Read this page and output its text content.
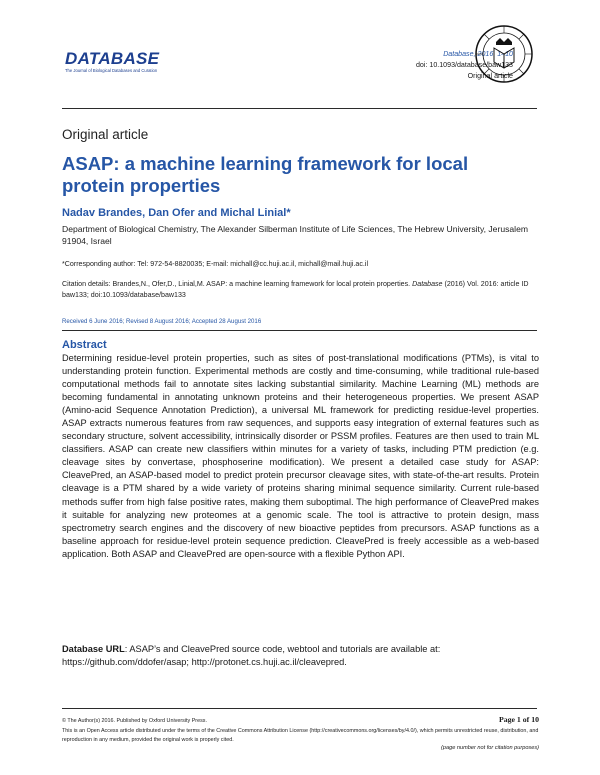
DATABASE
The Journal of Biological Databases and Curation
Database, 2016, 1–10
doi: 10.1093/database/baw133
Original article
Original article
ASAP: a machine learning framework for local protein properties
Nadav Brandes, Dan Ofer and Michal Linial*
Department of Biological Chemistry, The Alexander Silberman Institute of Life Sciences, The Hebrew University, Jerusalem 91904, Israel
*Corresponding author: Tel: 972-54-8820035; E-mail: michall@cc.huji.ac.il, michall@mail.huji.ac.il
Citation details: Brandes,N., Ofer,D., Linial,M. ASAP: a machine learning framework for local protein properties. Database (2016) Vol. 2016: article ID baw133; doi:10.1093/database/baw133
Received 6 June 2016; Revised 8 August 2016; Accepted 28 August 2016
Abstract
Determining residue-level protein properties, such as sites of post-translational modifications (PTMs), is vital to understanding protein function. Experimental methods are costly and time-consuming, while traditional rule-based computational methods fail to annotate sites lacking substantial similarity. Machine Learning (ML) methods are becoming fundamental in annotating unknown proteins and their heterogeneous properties. We present ASAP (Amino-acid Sequence Annotation Prediction), a universal ML framework for predicting residue-level properties. ASAP extracts numerous features from raw sequences, and supports easy integration of external features such as secondary structure, solvent accessibility, intrinsically disorder or PSSM profiles. Features are then used to train ML classifiers. ASAP can create new classifiers within minutes for a variety of tasks, including PTM prediction (e.g. cleavage sites by convertase, phosphoserine modification). We present a detailed case study for ASAP: CleavePred, an ASAP-based model to predict protein precursor cleavage sites, with state-of-the-art results. Protein cleavage is a PTM shared by a wide variety of proteins sharing minimal sequence similarity. Current rule-based methods suffer from high false positive rates, making them suboptimal. The high performance of CleavePred makes it suitable for analyzing new proteomes at a genomic scale. The tool is attractive to protein design, mass spectrometry search engines and the discovery of new bioactive peptides from precursors. ASAP functions as a baseline approach for residue-level protein sequence prediction. CleavePred is freely accessible as a web-based application. Both ASAP and CleavePred are open-source with a flexible Python API.
Database URL: ASAP’s and CleavePred source code, webtool and tutorials are available at: https://github.com/ddofer/asap; http://protonet.cs.huji.ac.il/cleavepred.
© The Author(s) 2016. Published by Oxford University Press.
This is an Open Access article distributed under the terms of the Creative Commons Attribution License (http://creativecommons.org/licenses/by/4.0/), which permits unrestricted reuse, distribution, and reproduction in any medium, provided the original work is properly cited.
Page 1 of 10
(page number not for citation purposes)
